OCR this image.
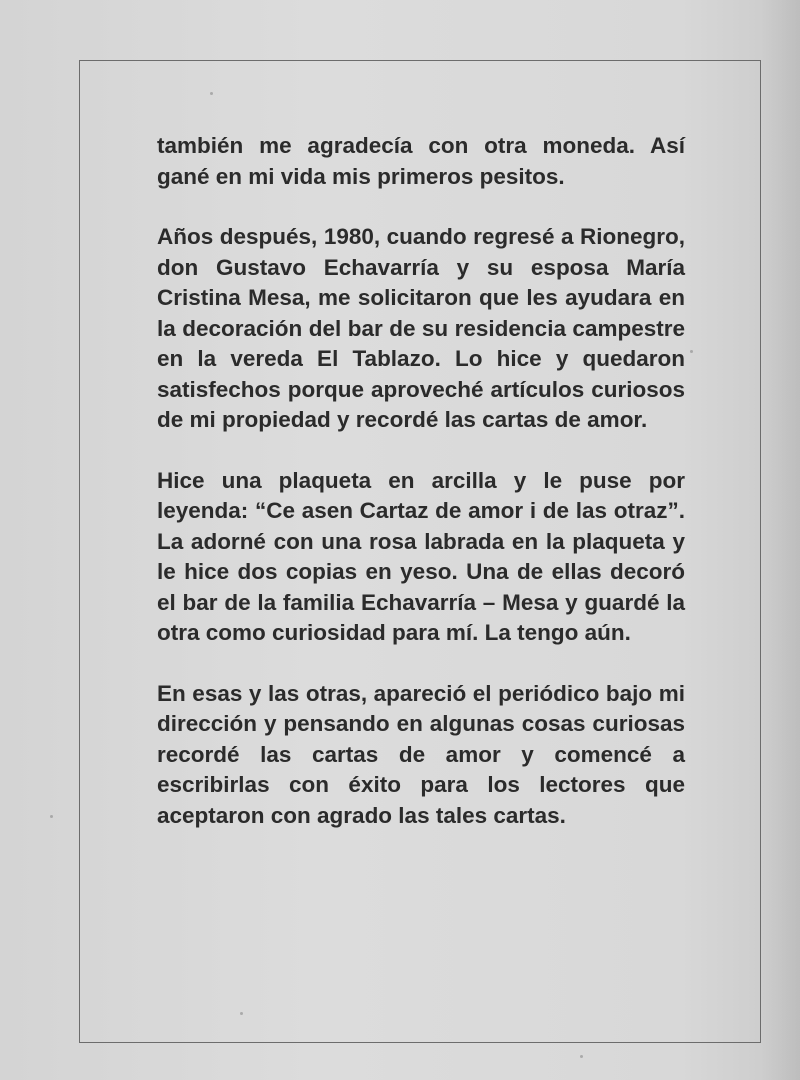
también me agradecía con otra moneda. Así gané en mi vida mis primeros pesitos.

Años después, 1980, cuando regresé a Rionegro, don Gustavo Echavarría y su esposa María Cristina Mesa, me solicitaron que les ayudara en la decoración del bar de su residencia campestre en la vereda El Tablazo. Lo hice y quedaron satisfechos porque aproveché artículos curiosos de mi propiedad y recordé las cartas de amor.

Hice una plaqueta en arcilla y le puse por leyenda: “Ce asen Cartaz de amor i de las otraz”. La adorné con una rosa labrada en la plaqueta y le hice dos copias en yeso. Una de ellas decoró el bar de la familia Echavarría – Mesa y guardé la otra como curiosidad para mí. La tengo aún.

En esas y las otras, apareció el periódico bajo mi dirección y pensando en algunas cosas curiosas recordé las cartas de amor y comencé a escribirlas con éxito para los lectores que aceptaron con agrado las tales cartas.
